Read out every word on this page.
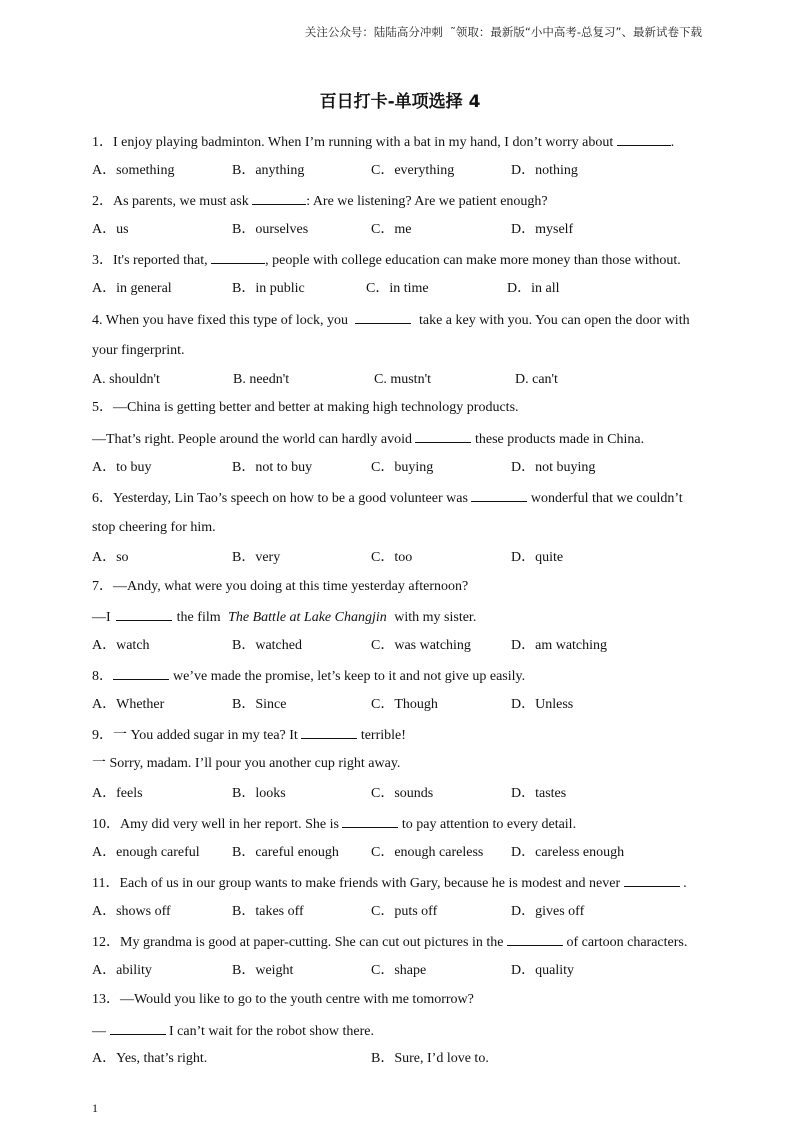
关注公众号：陆陆高分冲刺  ˜领取：最新版“小中高考-总复习”、最新试卷下载
百日打卡-单项选择 4
1．I enjoy playing badminton. When I’m running with a bat in my hand, I don’t worry about	.
A．something	B．anything	C．everything	D．nothing
2．As parents, we must ask	: Are we listening? Are we patient enough?
A．us	B．ourselves	C．me	D．myself
3．It's reported that,	, people with college education can make more money than those without.
A．in general	B．in public	C．in time	D．in all
4. When you have fixed this type of lock, you	take a key with you. You can open the door with
your fingerprint.
A. shouldn't	B. needn't	C. mustn't	D. can't
5．—China is getting better and better at making high technology products.
—That’s right. People around the world can hardly avoid	these products made in China.
A．to buy	B．not to buy	C．buying	D．not buying
6．Yesterday, Lin Tao’s speech on how to be a good volunteer was	wonderful that we couldn’t
stop cheering for him.
A．so	B．very	C．too	D．quite
7．—Andy, what were you doing at this time yesterday afternoon?
—I	the film The Battle at Lake Changjin with my sister.
A．watch	B．watched	C．was watching	D．am watching
8．	we’ve made the promise, let’s keep to it and not give up easily.
A．Whether	B．Since	C．Though	D．Unless
9．一 You added sugar in my tea? It	terrible!
一 Sorry, madam. I’ll pour you another cup right away.
A．feels	B．looks	C．sounds	D．tastes
10．Amy did very well in her report. She is	to pay attention to every detail.
A．enough careful B．careful enough C．enough careless D．careless enough
11．Each of us in our group wants to make friends with Gary, because he is modest and never	.
A．shows off	B．takes off	C．puts off	D．gives off
12．My grandma is good at paper-cutting. She can cut out pictures in the	of cartoon characters.
A．ability	B．weight	C．shape	D．quality
13．—Would you like to go to the youth centre with me tomorrow?
—	I can’t wait for the robot show there.
A．Yes, that’s right.	B．Sure, I’d love to.
1
